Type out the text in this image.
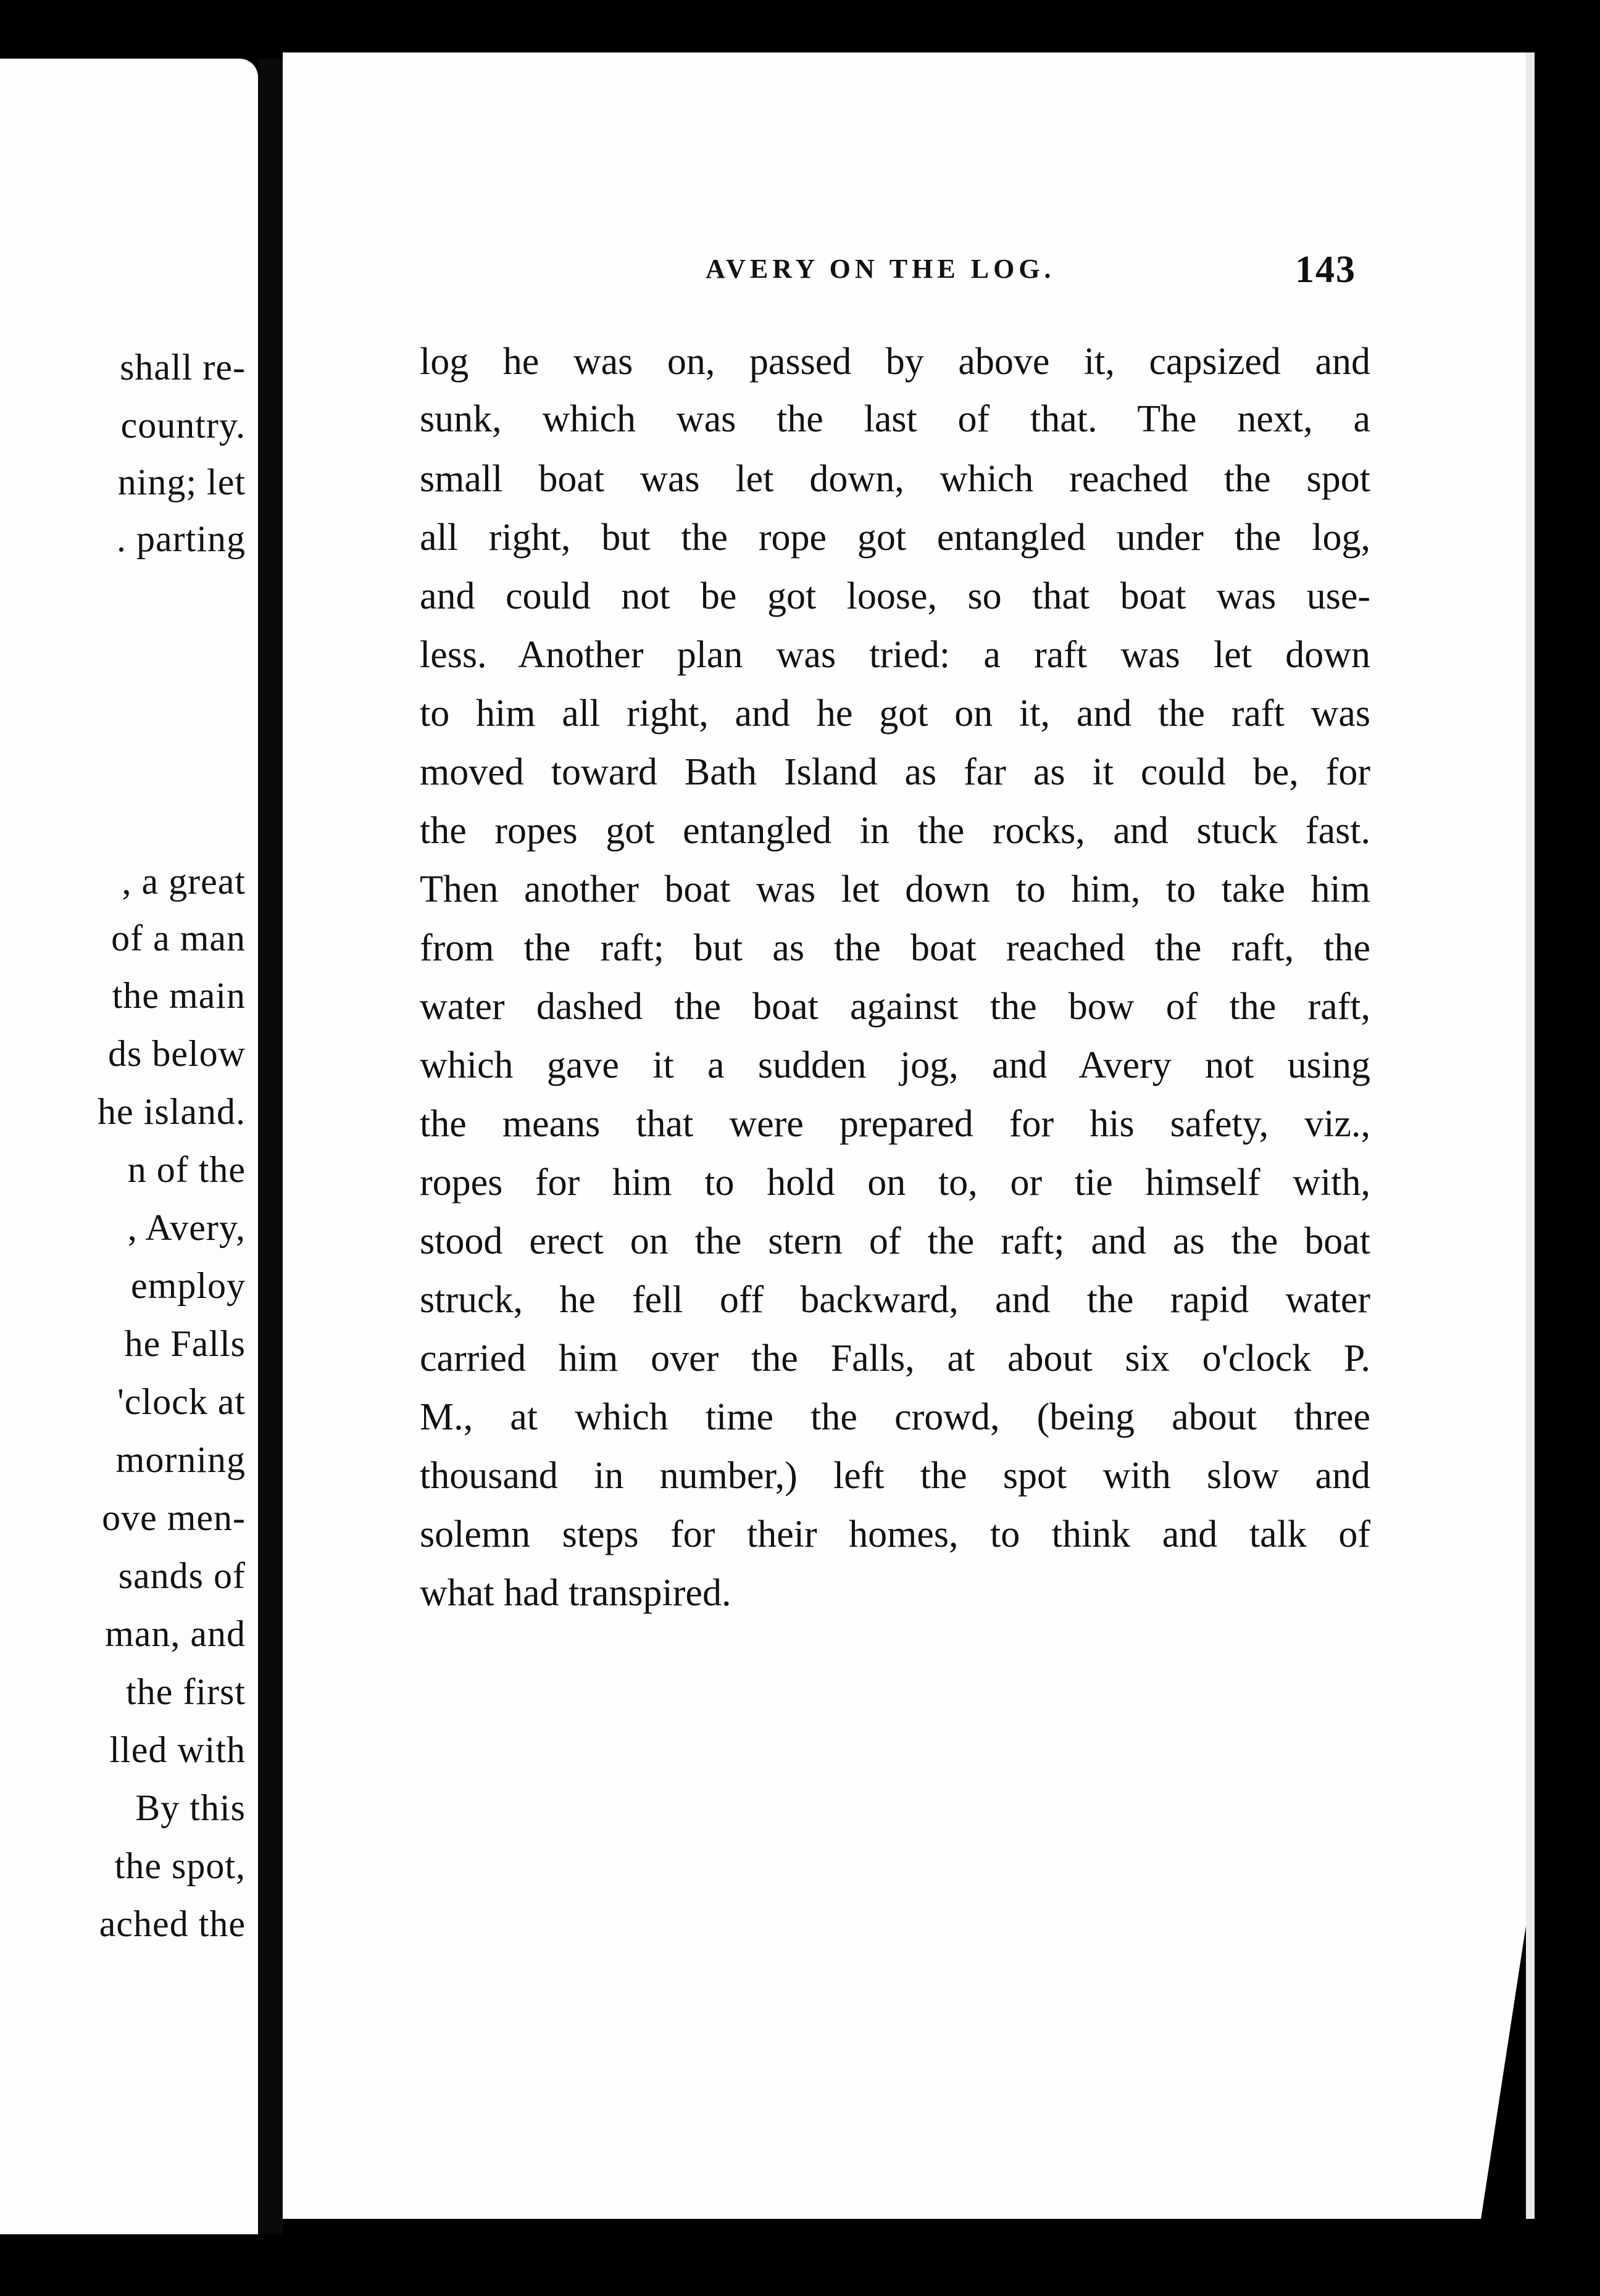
shall re-
country.
ning; let
. parting
, a great
of a man
the main
ds below
he island.
n of the
, Avery,
employ
he Falls
'clock at
morning
ove men-
sands of
man, and
the first
lled with
By this
the spot,
ached the
AVERY ON THE LOG.	143
log he was on, passed by above it, capsized and
sunk, which was the last of that. The next, a
small boat was let down, which reached the spot
all right, but the rope got entangled under the log,
and could not be got loose, so that boat was use-
less. Another plan was tried: a raft was let down
to him all right, and he got on it, and the raft was
moved toward Bath Island as far as it could be, for
the ropes got entangled in the rocks, and stuck fast.
Then another boat was let down to him, to take him
from the raft; but as the boat reached the raft, the
water dashed the boat against the bow of the raft,
which gave it a sudden jog, and Avery not using
the means that were prepared for his safety, viz.,
ropes for him to hold on to, or tie himself with,
stood erect on the stern of the raft; and as the boat
struck, he fell off backward, and the rapid water
carried him over the Falls, at about six o'clock P.
M., at which time the crowd, (being about three
thousand in number,) left the spot with slow and
solemn steps for their homes, to think and talk of
what had transpired.
